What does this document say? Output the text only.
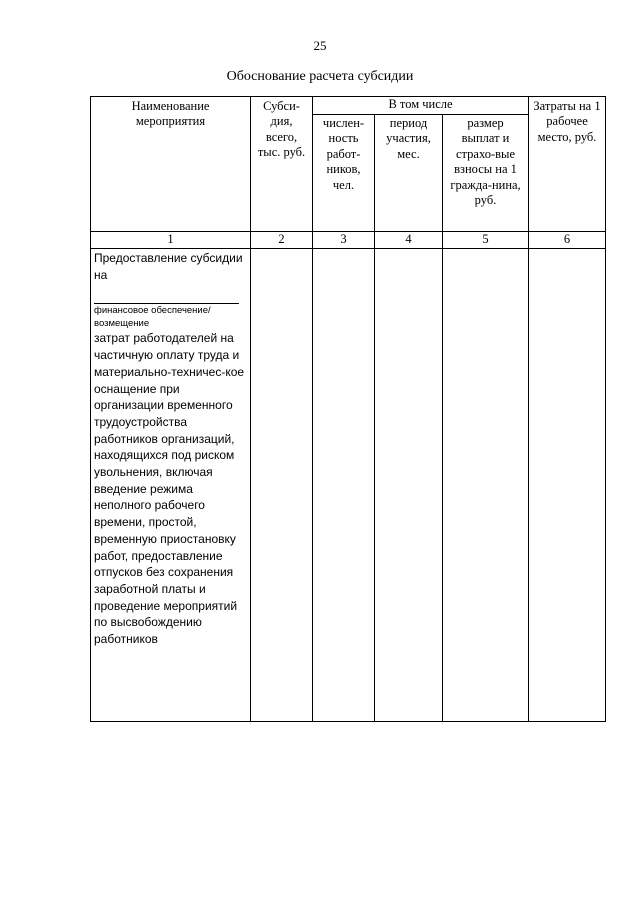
25
Обоснование расчета субсидии
Наименование мероприятия	Субси-дия, всего, тыс. руб.	В том числе			Затраты на 1 рабочее место, руб.
		числен-ность работ-ников, чел.	период участия, мес.	размер выплат и страхо-вые взносы на 1 гражда-нина, руб.	
1	2	3	4	5	6

Предоставление субсидии на
финансовое обеспечение/ возмещение
затрат работодателей на частичную оплату труда и материально-техничес-кое оснащение при организации временного трудоустройства работников организаций, находящихся под риском увольнения, включая введение режима неполного рабочего времени, простой, временную приостановку работ, предоставление отпусков без сохранения заработной платы и проведение мероприятий по высвобождению работников					
